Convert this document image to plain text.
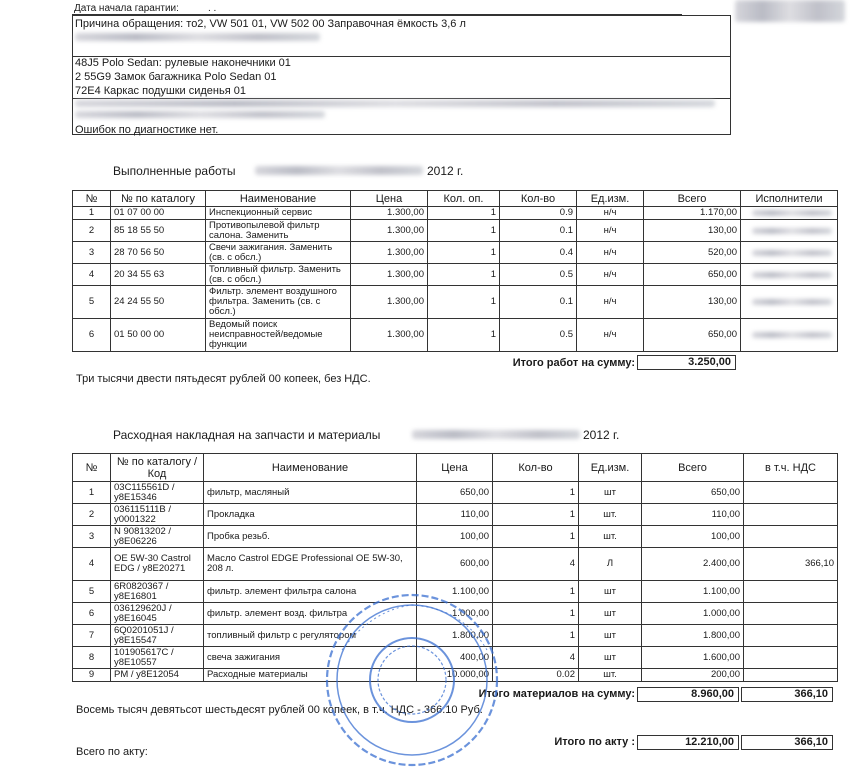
Дата начала гарантии:	. .
Причина обращения: то2, VW 501 01, VW 502 00 Заправочная ёмкость 3,6 л
48J5 Polo Sedan: рулевые наконечники 01
2 55G9 Замок багажника Polo Sedan 01
72E4 Каркас подушки сиденья 01
Ошибок по диагностике нет.
Выполненные работы	2012 г.
№	№ по каталогу	Наименование	Цена	Кол. оп.	Кол-во	Ед.изм.	Всего	Исполнители
1	01 07 00 00	Инспекционный сервис	1.300,00	1	0.9	н/ч	1.170,00	

2	85 18 55 50	Противопылевой фильтр салона. Заменить	1.300,00	1	0.1	н/ч	130,00	

3	28 70 56 50	Свечи зажигания. Заменить (св. с обсл.)	1.300,00	1	0.4	н/ч	520,00	

4	20 34 55 63	Топливный фильтр. Заменить (св. с обсл.)	1.300,00	1	0.5	н/ч	650,00	

5	24 24 55 50	Фильтр. элемент воздушного фильтра. Заменить (св. с обсл.)	1.300,00	1	0.1	н/ч	130,00	

6	01 50 00 00	Ведомый поиск неисправностей/ведомые функции	1.300,00	1	0.5	н/ч	650,00	
Итого работ на сумму:	3.250,00
Три тысячи двести пятьдесят рублей 00 копеек, без НДС.
Расходная накладная на запчасти и материалы	2012 г.
№	№ по каталогу / Код	Наименование	Цена	Кол-во	Ед.изм.	Всего	в т.ч. НДС
1	03C115561D / y8E15346	фильтр, масляный	650,00	1	шт	650,00	
2	036115111B / y0001322	Прокладка	110,00	1	шт.	110,00	
3	N 90813202 / y8E06226	Пробка резьб.	100,00	1	шт.	100,00	
4	OE 5W-30 Castrol EDG / y8E20271	Масло Castrol EDGE Professional OE 5W-30, 208 л.	600,00	4	Л	2.400,00	366,10
5	6R0820367 / y8E16801	фильтр. элемент фильтра салона	1.100,00	1	шт	1.100,00	
6	036129620J / y8E16045	фильтр. элемент возд. фильтра	1.000,00	1	шт	1.000,00	
7	6Q0201051J / y8E15547	топливный фильтр с регулятором	1.800,00	1	шт	1.800,00	
8	101905617C / y8E10557	свеча зажигания	400,00	4	шт	1.600,00	
9	PM / y8E12054	Расходные материалы	10.000,00	0.02	шт.	200,00	
Итого материалов на сумму:	8.960,00	366,10
Восемь тысяч девятьсот шестьдесят рублей 00 копеек, в т.ч. НДС - 366.10 Руб.
Итого по акту :	12.210,00	366,10
Всего по акту:
